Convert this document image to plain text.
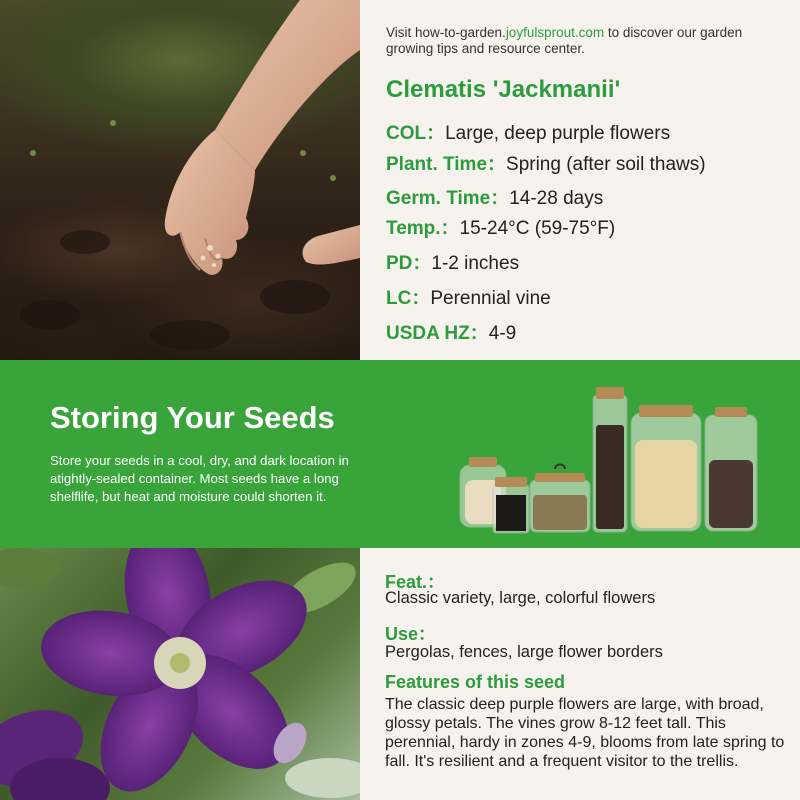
Visit how-to-garden.joyfulsprout.com to discover our garden growing tips and resource center.
Clematis 'Jackmanii'
COL：Large, deep purple flowers
Plant. Time：Spring (after soil thaws)
Germ. Time：14-28 days
Temp.：15-24°C (59-75°F)
PD：1-2 inches
LC：Perennial vine
USDA HZ：4-9
Storing Your Seeds
Store your seeds in a cool, dry, and dark location in atightly-sealed container. Most seeds have a long shelflife, but heat and moisture could shorten it.
Feat.：
Classic variety, large, colorful flowers
Use：
Pergolas, fences, large flower borders
Features of this seed
The classic deep purple flowers are large, with broad, glossy petals. The vines grow 8-12 feet tall. This perennial, hardy in zones 4-9, blooms from late spring to fall. It's resilient and a frequent visitor to the trellis.
